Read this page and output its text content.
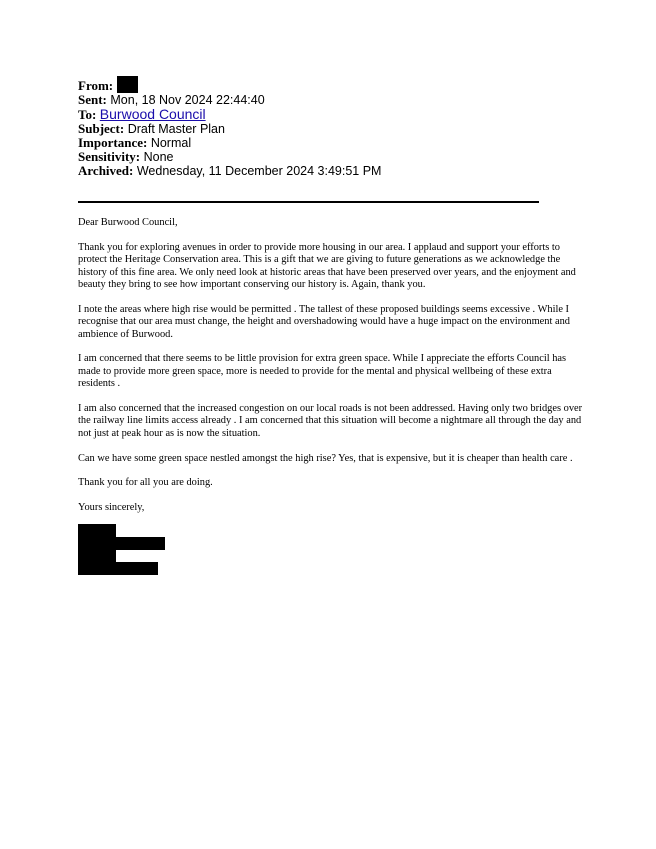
From:
Sent: Mon, 18 Nov 2024 22:44:40
To: Burwood Council
Subject: Draft Master Plan
Importance: Normal
Sensitivity: None
Archived: Wednesday, 11 December 2024 3:49:51 PM

Dear Burwood Council,

Thank you for exploring avenues in order to provide more housing in our area. I applaud and support your efforts to protect the Heritage Conservation area. This is a gift that we are giving to future generations as we acknowledge the history of this fine area. We only need look at historic areas that have been preserved over years, and the enjoyment and beauty they bring to see how important conserving our history is. Again, thank you.

I note the areas where high rise would be permitted . The tallest of these proposed buildings seems excessive . While I recognise that our area must change, the height and overshadowing would have a huge impact on the environment and ambience of Burwood.

I am concerned that there seems to be little provision for extra green space. While I appreciate the efforts Council has made to provide more green space, more is needed to provide for the mental and physical wellbeing of these extra residents .

I am also concerned that the increased congestion on our local roads is not been addressed. Having only two bridges over the railway line limits access already . I am concerned that this situation will become a nightmare all through the day and not just at peak hour as is now the situation.

Can we have some green space nestled amongst the high rise? Yes, that is expensive, but it is cheaper than health care .

Thank you for all you are doing.

Yours sincerely,
